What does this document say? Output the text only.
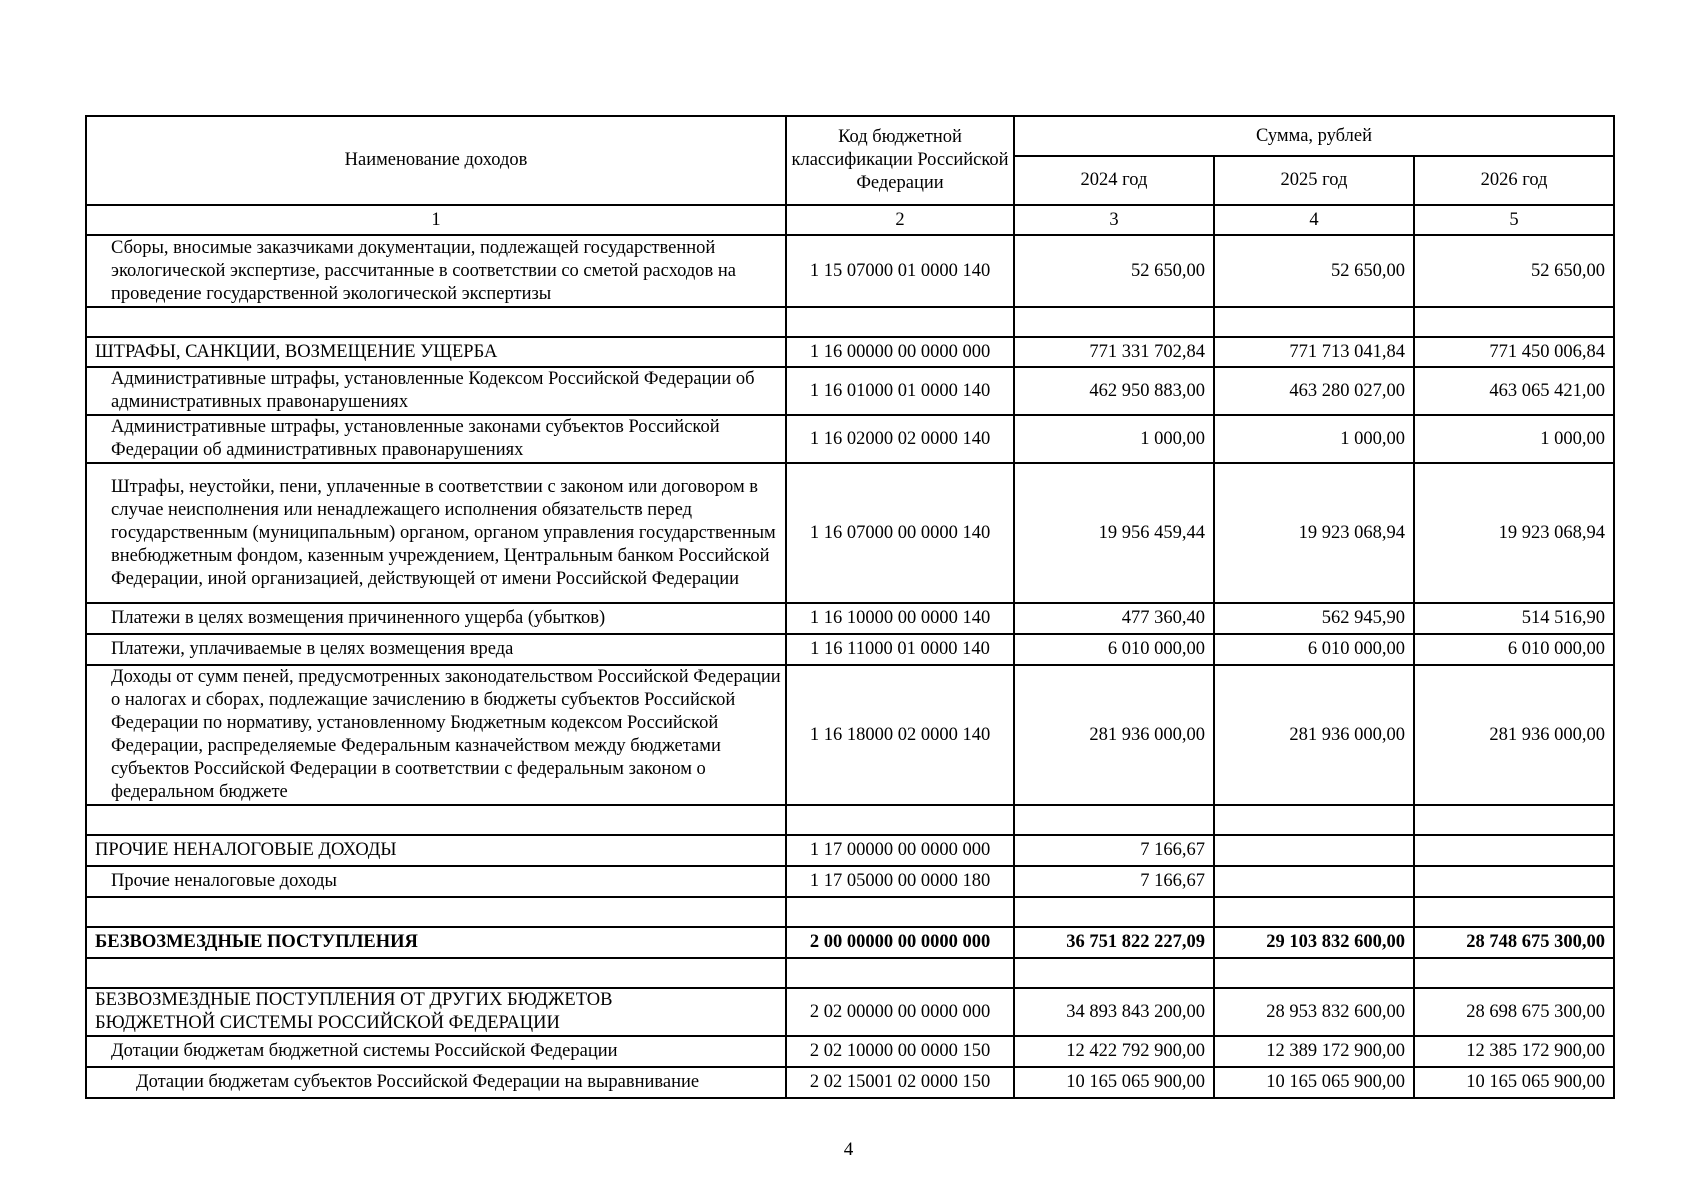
Наименование доходов	Код бюджетной классификации Российской Федерации	Сумма, рублей		
		2024 год	2025 год	2026 год
1	2	3	4	5
Сборы, вносимые заказчиками документации, подлежащей государственной экологической экспертизе, рассчитанные в соответствии со сметой расходов на проведение государственной экологической экспертизы	1 15 07000 01 0000 140	52 650,00	52 650,00	52 650,00

ШТРАФЫ, САНКЦИИ, ВОЗМЕЩЕНИЕ УЩЕРБА	1 16 00000 00 0000 000	771 331 702,84	771 713 041,84	771 450 006,84
Административные штрафы, установленные Кодексом Российской Федерации об административных правонарушениях	1 16 01000 01 0000 140	462 950 883,00	463 280 027,00	463 065 421,00
Административные штрафы, установленные законами субъектов Российской Федерации об административных правонарушениях	1 16 02000 02 0000 140	1 000,00	1 000,00	1 000,00
Штрафы, неустойки, пени, уплаченные в соответствии с законом или договором в случае неисполнения или ненадлежащего исполнения обязательств перед государственным (муниципальным) органом, органом управления государственным внебюджетным фондом, казенным учреждением, Центральным банком Российской Федерации, иной организацией, действующей от имени Российской Федерации	1 16 07000 00 0000 140	19 956 459,44	19 923 068,94	19 923 068,94
Платежи в целях возмещения причиненного ущерба (убытков)	1 16 10000 00 0000 140	477 360,40	562 945,90	514 516,90
Платежи, уплачиваемые в целях возмещения вреда	1 16 11000 01 0000 140	6 010 000,00	6 010 000,00	6 010 000,00
Доходы от сумм пеней, предусмотренных законодательством Российской Федерации о налогах и сборах, подлежащие зачислению в бюджеты субъектов Российской Федерации по нормативу, установленному Бюджетным кодексом Российской Федерации, распределяемые Федеральным казначейством между бюджетами субъектов Российской Федерации в соответствии с федеральным законом о федеральном бюджете	1 16 18000 02 0000 140	281 936 000,00	281 936 000,00	281 936 000,00

ПРОЧИЕ НЕНАЛОГОВЫЕ ДОХОДЫ	1 17 00000 00 0000 000	7 166,67		
Прочие неналоговые доходы	1 17 05000 00 0000 180	7 166,67		

БЕЗВОЗМЕЗДНЫЕ ПОСТУПЛЕНИЯ	2 00 00000 00 0000 000	36 751 822 227,09	29 103 832 600,00	28 748 675 300,00

БЕЗВОЗМЕЗДНЫЕ ПОСТУПЛЕНИЯ ОТ ДРУГИХ БЮДЖЕТОВ БЮДЖЕТНОЙ СИСТЕМЫ РОССИЙСКОЙ ФЕДЕРАЦИИ	2 02 00000 00 0000 000	34 893 843 200,00	28 953 832 600,00	28 698 675 300,00
Дотации бюджетам бюджетной системы Российской Федерации	2 02 10000 00 0000 150	12 422 792 900,00	12 389 172 900,00	12 385 172 900,00
Дотации бюджетам субъектов Российской Федерации на выравнивание	2 02 15001 02 0000 150	10 165 065 900,00	10 165 065 900,00	10 165 065 900,00
4
